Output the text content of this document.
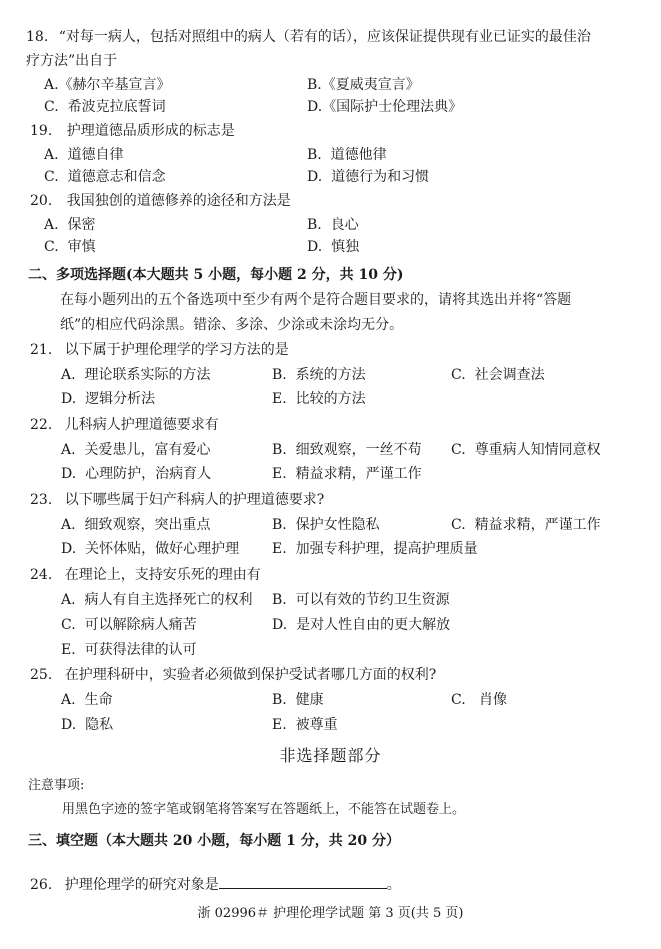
18. “对每一病人，包括对照组中的病人（若有的话），应该保证提供现有业已证实的最佳治
疗方法”出自于
A.《赫尔辛基宣言》	B.《夏威夷宣言》
C. 希波克拉底誓词	D.《国际护士伦理法典》
19. 护理道德品质形成的标志是
A. 道德自律	B. 道德他律
C. 道德意志和信念	D. 道德行为和习惯
20. 我国独创的道德修养的途径和方法是
A. 保密	B. 良心
C. 审慎	D. 慎独
二、多项选择题(本大题共 5 小题，每小题 2 分，共 10 分)
在每小题列出的五个备选项中至少有两个是符合题目要求的，请将其选出并将“答题
纸”的相应代码涂黑。错涂、多涂、少涂或未涂均无分。
21. 以下属于护理伦理学的学习方法的是
A. 理论联系实际的方法	B. 系统的方法	C. 社会调查法
D. 逻辑分析法	E. 比较的方法
22. 儿科病人护理道德要求有
A. 关爱患儿，富有爱心	B. 细致观察，一丝不苟 C. 尊重病人知情同意权
D. 心理防护，治病育人	E. 精益求精，严谨工作
23. 以下哪些属于妇产科病人的护理道德要求?
A. 细致观察，突出重点	B. 保护女性隐私	C. 精益求精，严谨工作
D. 关怀体贴，做好心理护理 E. 加强专科护理，提高护理质量
24. 在理论上，支持安乐死的理由有
A. 病人有自主选择死亡的权利 B. 可以有效的节约卫生资源
C. 可以解除病人痛苦	D. 是对人性自由的更大解放
E. 可获得法律的认可
25. 在护理科研中，实验者必须做到保护受试者哪几方面的权利?
A. 生命	B. 健康	C. 肖像
D. 隐私	E. 被尊重
非选择题部分
注意事项:
用黑色字迹的签字笔或钢笔将答案写在答题纸上，不能答在试题卷上。
三、填空题（本大题共 20 小题，每小题 1 分，共 20 分）
26. 护理伦理学的研究对象是	。
浙 02996＃ 护理伦理学试题 第 3 页(共 5 页)
